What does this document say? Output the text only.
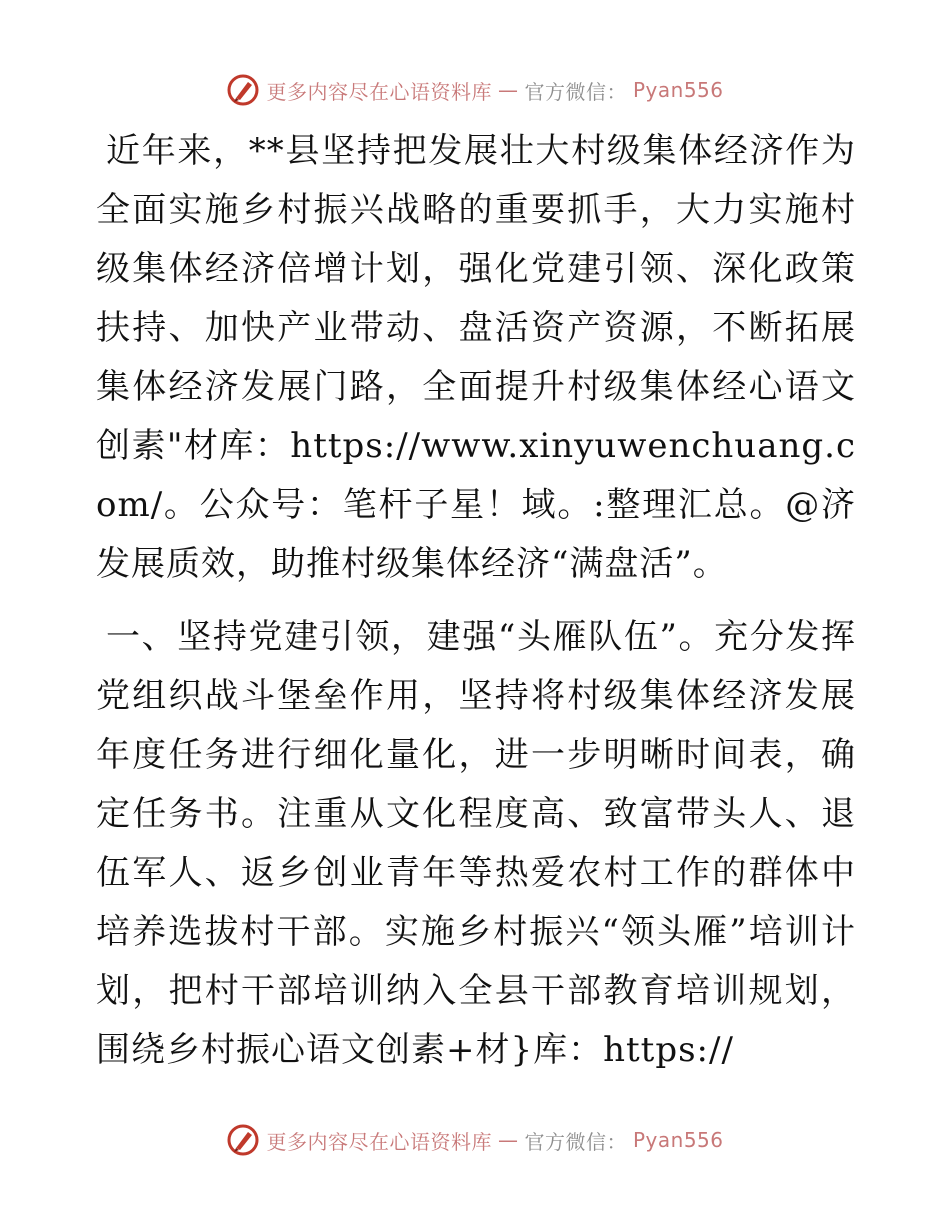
更多内容尽在心语资料库 — 官方微信： Pyan556

近年来，**县坚持把发展壮大村级集体经济作为全面实施乡村振兴战略的重要抓手，大力实施村级集体经济倍增计划，强化党建引领、深化政策扶持、加快产业带动、盘活资产资源，不断拓展集体经济发展门路，全面提升村级集体经心语文创素"材库：https://www.xinyuwenchuang.com/。公众号：笔杆子星！域。:整理汇总。@济发展质效，助推村级集体经济“满盘活”。

一、坚持党建引领，建强“头雁队伍”。充分发挥党组织战斗堡垒作用，坚持将村级集体经济发展年度任务进行细化量化，进一步明晰时间表，确定任务书。注重从文化程度高、致富带头人、退伍军人、返乡创业青年等热爱农村工作的群体中培养选拔村干部。实施乡村振兴“领头雁”培训计划，把村干部培训纳入全县干部教育培训规划，围绕乡村振心语文创素+材}库：https://

更多内容尽在心语资料库 — 官方微信： Pyan556
